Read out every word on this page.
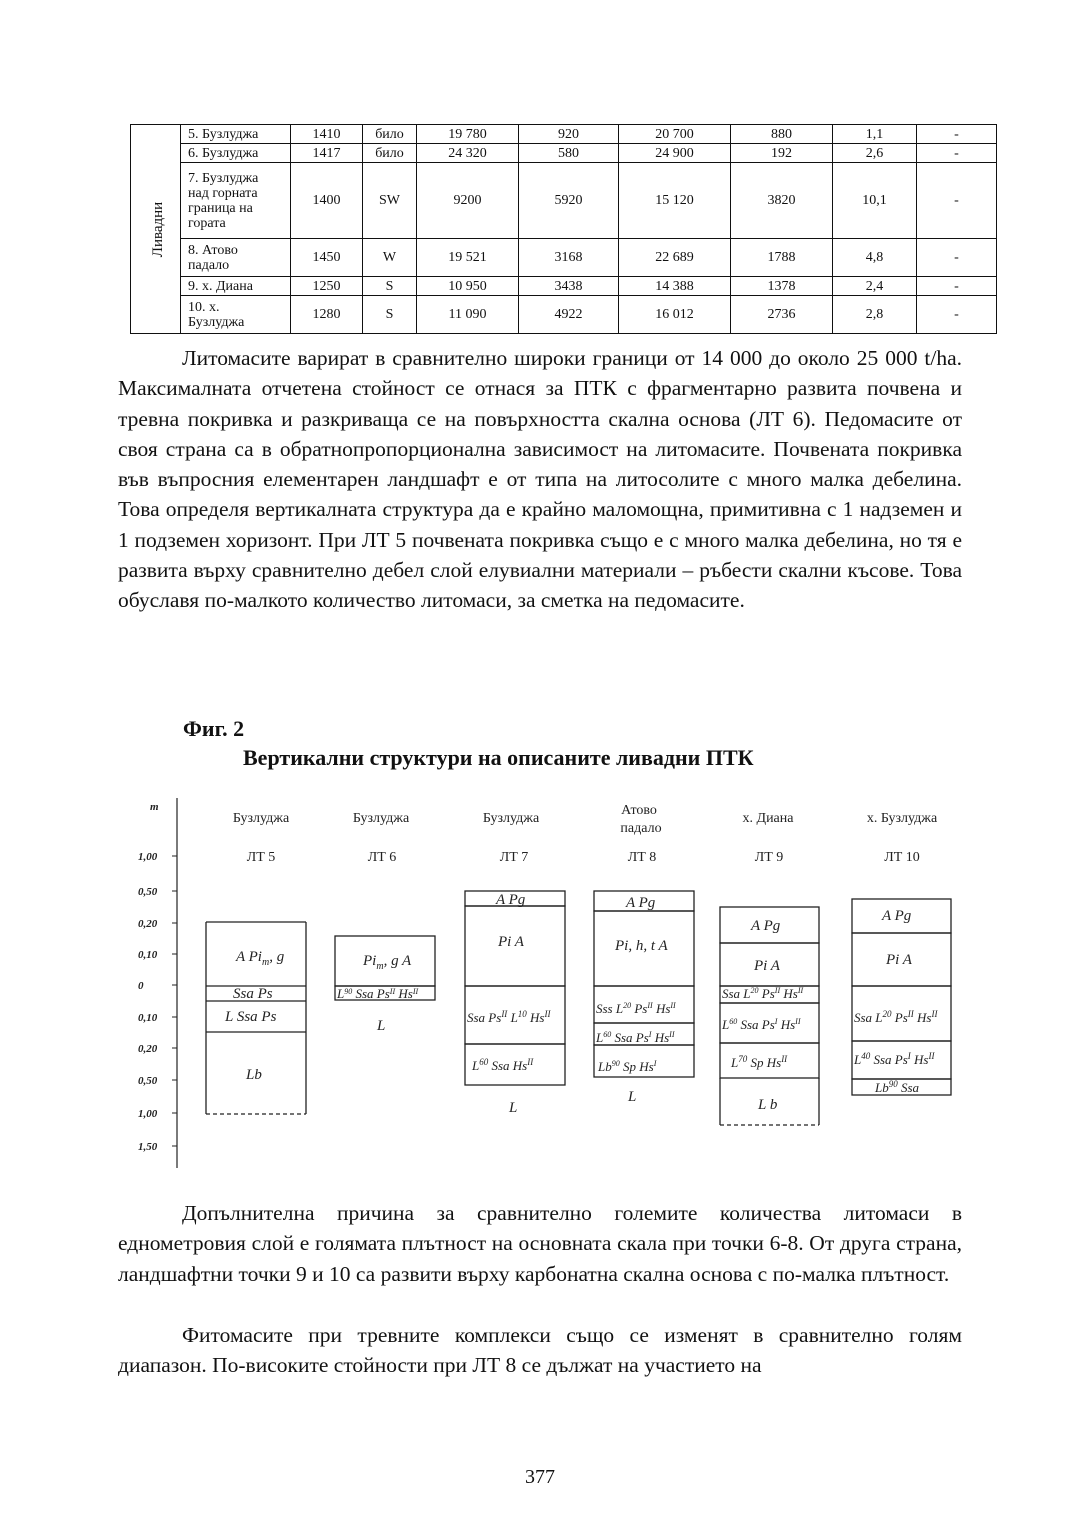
Ливадни	5. Бузлуджа	1410	било	19 780	920	20 700	880	1,1	-

	6. Бузлуджа	1417	било	24 320	580	24 900	192	2,6	-

	7. Бузлуджа
над горната
граница на
гората	1400	SW	9200	5920	15 120	3820	10,1	-

	8. Атово
падало	1450	W	19 521	3168	22 689	1788	4,8	-

	9. х. Диана	1250	S	10 950	3438	14 388	1378	2,4	-

	10. х.
Бузлуджа	1280	S	11 090	4922	16 012	2736	2,8	-

Литомасите варират в сравнително широки граници от 14 000 до около 25 000 t/ha. Максималната отчетена стойност се отнася за ПТК с фрагментарно развита почвена и тревна покривка и разкриваща се на повърхността скална основа (ЛТ 6). Педомасите от своя страна са в обратнопропорционална зависимост на литомасите. Почвената покривка във въпросния елементарен ландшафт е от типа на литосолите с много малка дебелина. Това определя вертикалната структура да е крайно маломощна, примитивна с 1 надземен и 1 подземен хоризонт. При ЛТ 5 почвената покривка също е с много малка дебелина, но тя е развита върху сравнително дебел слой елувиални материали – ръбести скални късове. Това обуславя по-малкото количество литомаси, за сметка на педомасите.

Фиг. 2
Вертикални структури на описаните ливадни ПТК
m
1,00
0,50
0,20
0,10
0
0,10
0,20
0,50
1,00
1,50
Бузлуджа	Бузлуджа	Бузлуджа
Атово
падало
х. Диана	х. Бузлуджа
ЛТ 5	ЛТ 6	ЛТ 7	ЛТ 8	ЛТ 9	ЛТ 10
A $Pi_m$, g
Ssa Ps
L Ssa Ps
Lb
$Pi_m$, g A
$L^{90}$ Ssa $Ps^{II}$ $Hs^{II}$
L
A Pg
Pi A
Ssa $Ps^{II}$ $L^{10}$ $Hs^{II}$
$L^{60}$ Ssa $Hs^{II}$
L
A Pg
Pi, h, t A
Sss $L^{20}$ $Ps^{II}$ $Hs^{II}$
$L^{60}$ Ssa $Ps^I$ $Hs^{II}$
Lb$^{90}$ Sp $Hs^I$
L
A Pg
Pi A
Ssa $L^{20}$ $Ps^{II}$ $Hs^{II}$
$L^{60}$ Ssa $Ps^I$ $Hs^{II}$
$L^{70}$ Sp $Hs^{II}$
L b
A Pg
Pi A
Ssa $L^{20}$ $Ps^{II}$ $Hs^{II}$
$L^{40}$ Ssa $Ps^I$ $Hs^{II}$
Lb$^{90}$ Ssa

Допълнителна причина за сравнително големите количества литомаси в еднометровия слой е голямата плътност на основната скала при точки 6-8. От друга страна, ландшафтни точки 9 и 10 са развити върху карбонатна скална основа с по-малка плътност.

Фитомасите при тревните комплекси също се изменят в сравнително голям диапазон. По-високите стойности при ЛТ 8 се дължат на участието на

377
